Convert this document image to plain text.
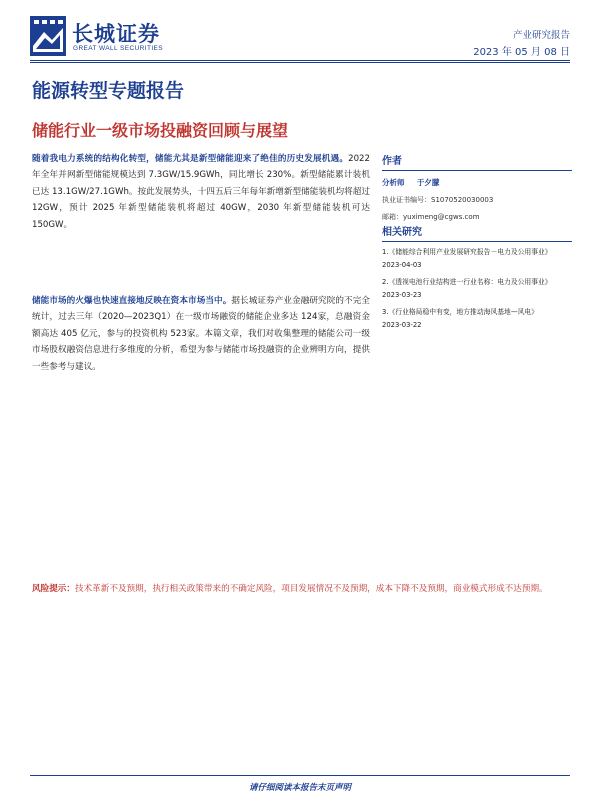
长城证券
GREAT WALL SECURITIES
产业研究报告
2023 年 05 月 08 日
能源转型专题报告
储能行业一级市场投融资回顾与展望
随着我电力系统的结构化转型，储能尤其是新型储能迎来了绝佳的历史发展机遇。2022 年全年并网新型储能规模达到 7.3GW/15.9GWh，同比增长 230%。新型储能累计装机已达 13.1GW/27.1GWh。按此发展势头，十四五后三年每年新增新型储能装机均将超过 12GW，预计 2025 年新型储能装机将超过 40GW，2030 年新型储能装机可达 150GW。
储能市场的火爆也快速直接地反映在资本市场当中。据长城证券产业金融研究院的不完全统计，过去三年（2020—2023Q1）在一级市场融资的储能企业多达 124家，总融资金额高达 405 亿元，参与的投资机构 523家。本篇文章，我们对收集整理的储能公司一级市场股权融资信息进行多维度的分析，希望为参与储能市场投融资的企业辨明方向，提供一些参考与建议。
作者
分析师 于夕朦
执业证书编号：S1070520030003
邮箱：yuximeng@cgws.com
相关研究
1.《储能综合利用产业发展研究报告－电力及公用事业》
2023-04-03
2.《透视电池行业结构进一行业名称：电力及公用事业》
2023-03-23
3.《行业格局稳中有变，地方推动海风基地—风电》
2023-03-22
风险提示：技术革新不及预期，执行相关政策带来的不确定风险，项目发展情况不及预期，成本下降不及预期，商业模式形成不达预期。
请仔细阅读本报告末页声明
